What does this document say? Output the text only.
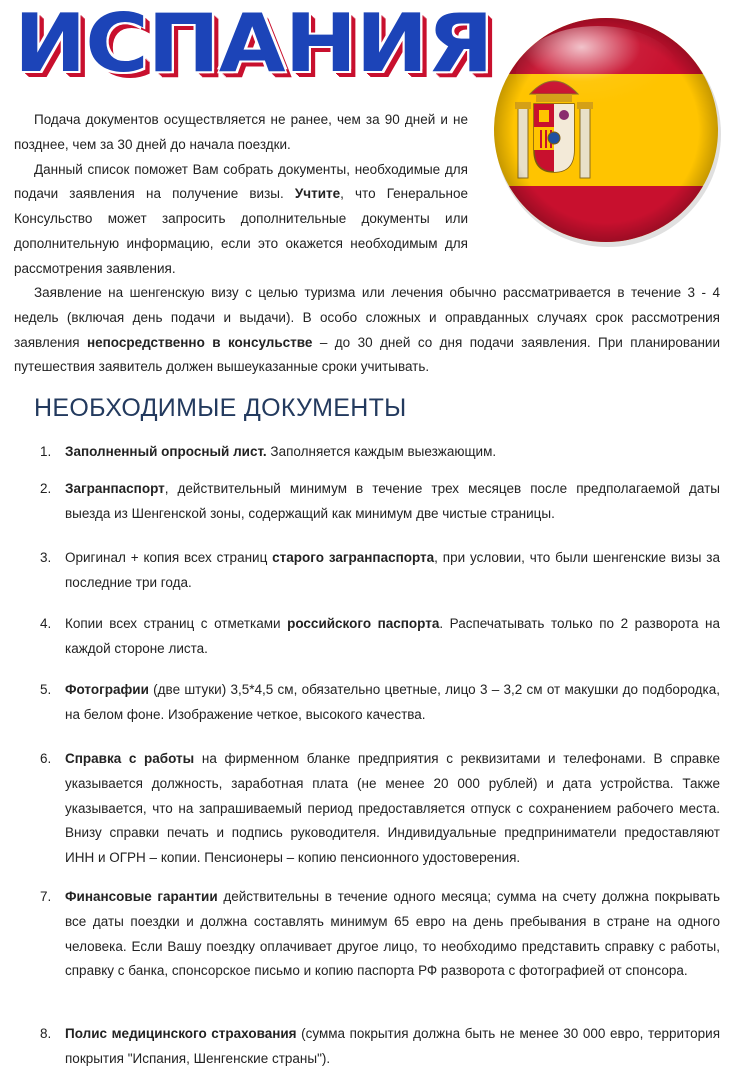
ИСПАНИЯ

Подача документов осуществляется не ранее, чем за 90 дней и не позднее, чем за 30 дней до начала поездки.

Данный список поможет Вам собрать документы, необходимые для подачи заявления на получение визы. Учтите, что Генеральное Консульство может запросить дополнительные документы или дополнительную информацию, если это окажется необходимым для рассмотрения заявления.

Заявление на шенгенскую визу с целью туризма или лечения обычно рассматривается в течение 3 - 4 недель (включая день подачи и выдачи). В особо сложных и оправданных случаях срок рассмотрения заявления непосредственно в консульстве – до 30 дней со дня подачи заявления. При планировании путешествия заявитель должен вышеуказанные сроки учитывать.

НЕОБХОДИМЫЕ ДОКУМЕНТЫ
1. Заполненный опросный лист. Заполняется каждым выезжающим.
2. Загранпаспорт, действительный минимум в течение трех месяцев после предполагаемой даты выезда из Шенгенской зоны, содержащий как минимум две чистые страницы.
3. Оригинал + копия всех страниц старого загранпаспорта, при условии, что были шенгенские визы за последние три года.
4. Копии всех страниц с отметками российского паспорта. Распечатывать только по 2 разворота на каждой стороне листа.
5. Фотографии (две штуки) 3,5*4,5 см, обязательно цветные, лицо 3 – 3,2 см от макушки до подбородка, на белом фоне. Изображение четкое, высокого качества.
6. Справка с работы на фирменном бланке предприятия с реквизитами и телефонами. В справке указывается должность, заработная плата (не менее 20 000 рублей) и дата устройства. Также указывается, что на запрашиваемый период предоставляется отпуск с сохранением рабочего места. Внизу справки печать и подпись руководителя. Индивидуальные предприниматели предоставляют ИНН и ОГРН – копии. Пенсионеры – копию пенсионного удостоверения.
7. Финансовые гарантии действительны в течение одного месяца; сумма на счету должна покрывать все даты поездки и должна составлять минимум 65 евро на день пребывания в стране на одного человека. Если Вашу поездку оплачивает другое лицо, то необходимо представить справку с работы, справку с банка, спонсорское письмо и копию паспорта РФ разворота с фотографией от спонсора.
8. Полис медицинского страхования (сумма покрытия должна быть не менее 30 000 евро, территория покрытия "Испания, Шенгенские страны").
